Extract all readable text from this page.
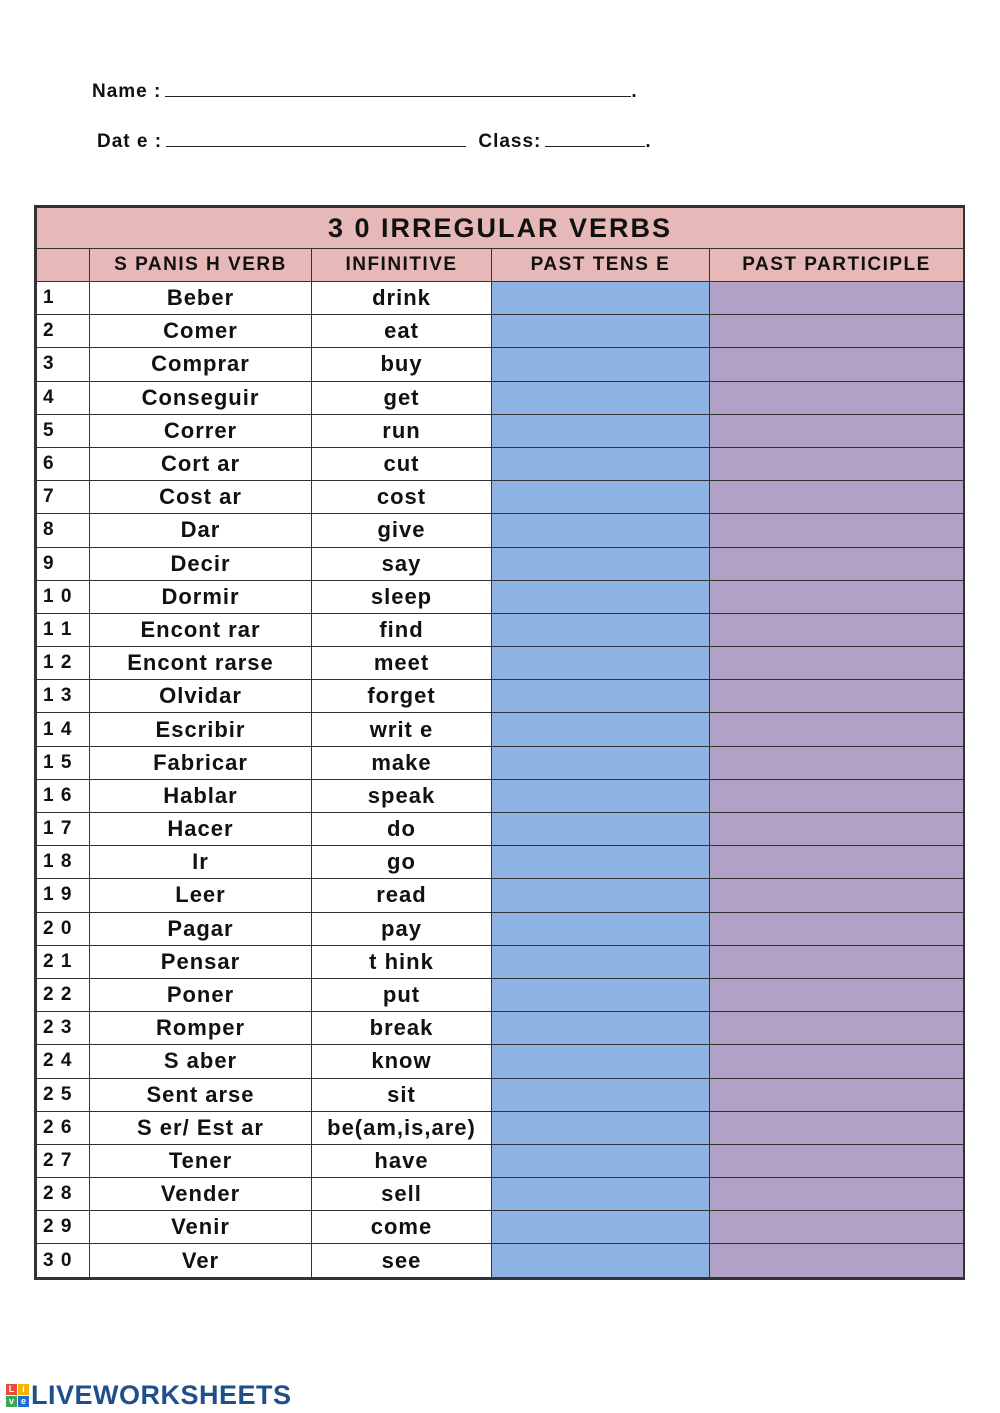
Name :	.
Dat e :	Class:	.
3 0 IRREGULAR VERBS				
	S PANIS H VERB	INFINITIVE	PAST TENS E	PAST PARTICIPLE
1	Beber	drink		
2	Comer	eat		
3	Comprar	buy		
4	Conseguir	get		
5	Correr	run		
6	Cort ar	cut		
7	Cost ar	cost		
8	Dar	give		
9	Decir	say		
1 0	Dormir	sleep		
1 1	Encont rar	find		
1 2	Encont rarse	meet		
1 3	Olvidar	forget		
1 4	Escribir	writ e		
1 5	Fabricar	make		
1 6	Hablar	speak		
1 7	Hacer	do		
1 8	Ir	go		
1 9	Leer	read		
2 0	Pagar	pay		
2 1	Pensar	t hink		
2 2	Poner	put		
2 3	Romper	break		
2 4	S aber	know		
2 5	Sent arse	sit		
2 6	S er/ Est ar	be(am,is,are)		
2 7	Tener	have		
2 8	Vender	sell		
2 9	Venir	come		
3 0	Ver	see		
L i
v e LIVEWORKSHEETS
